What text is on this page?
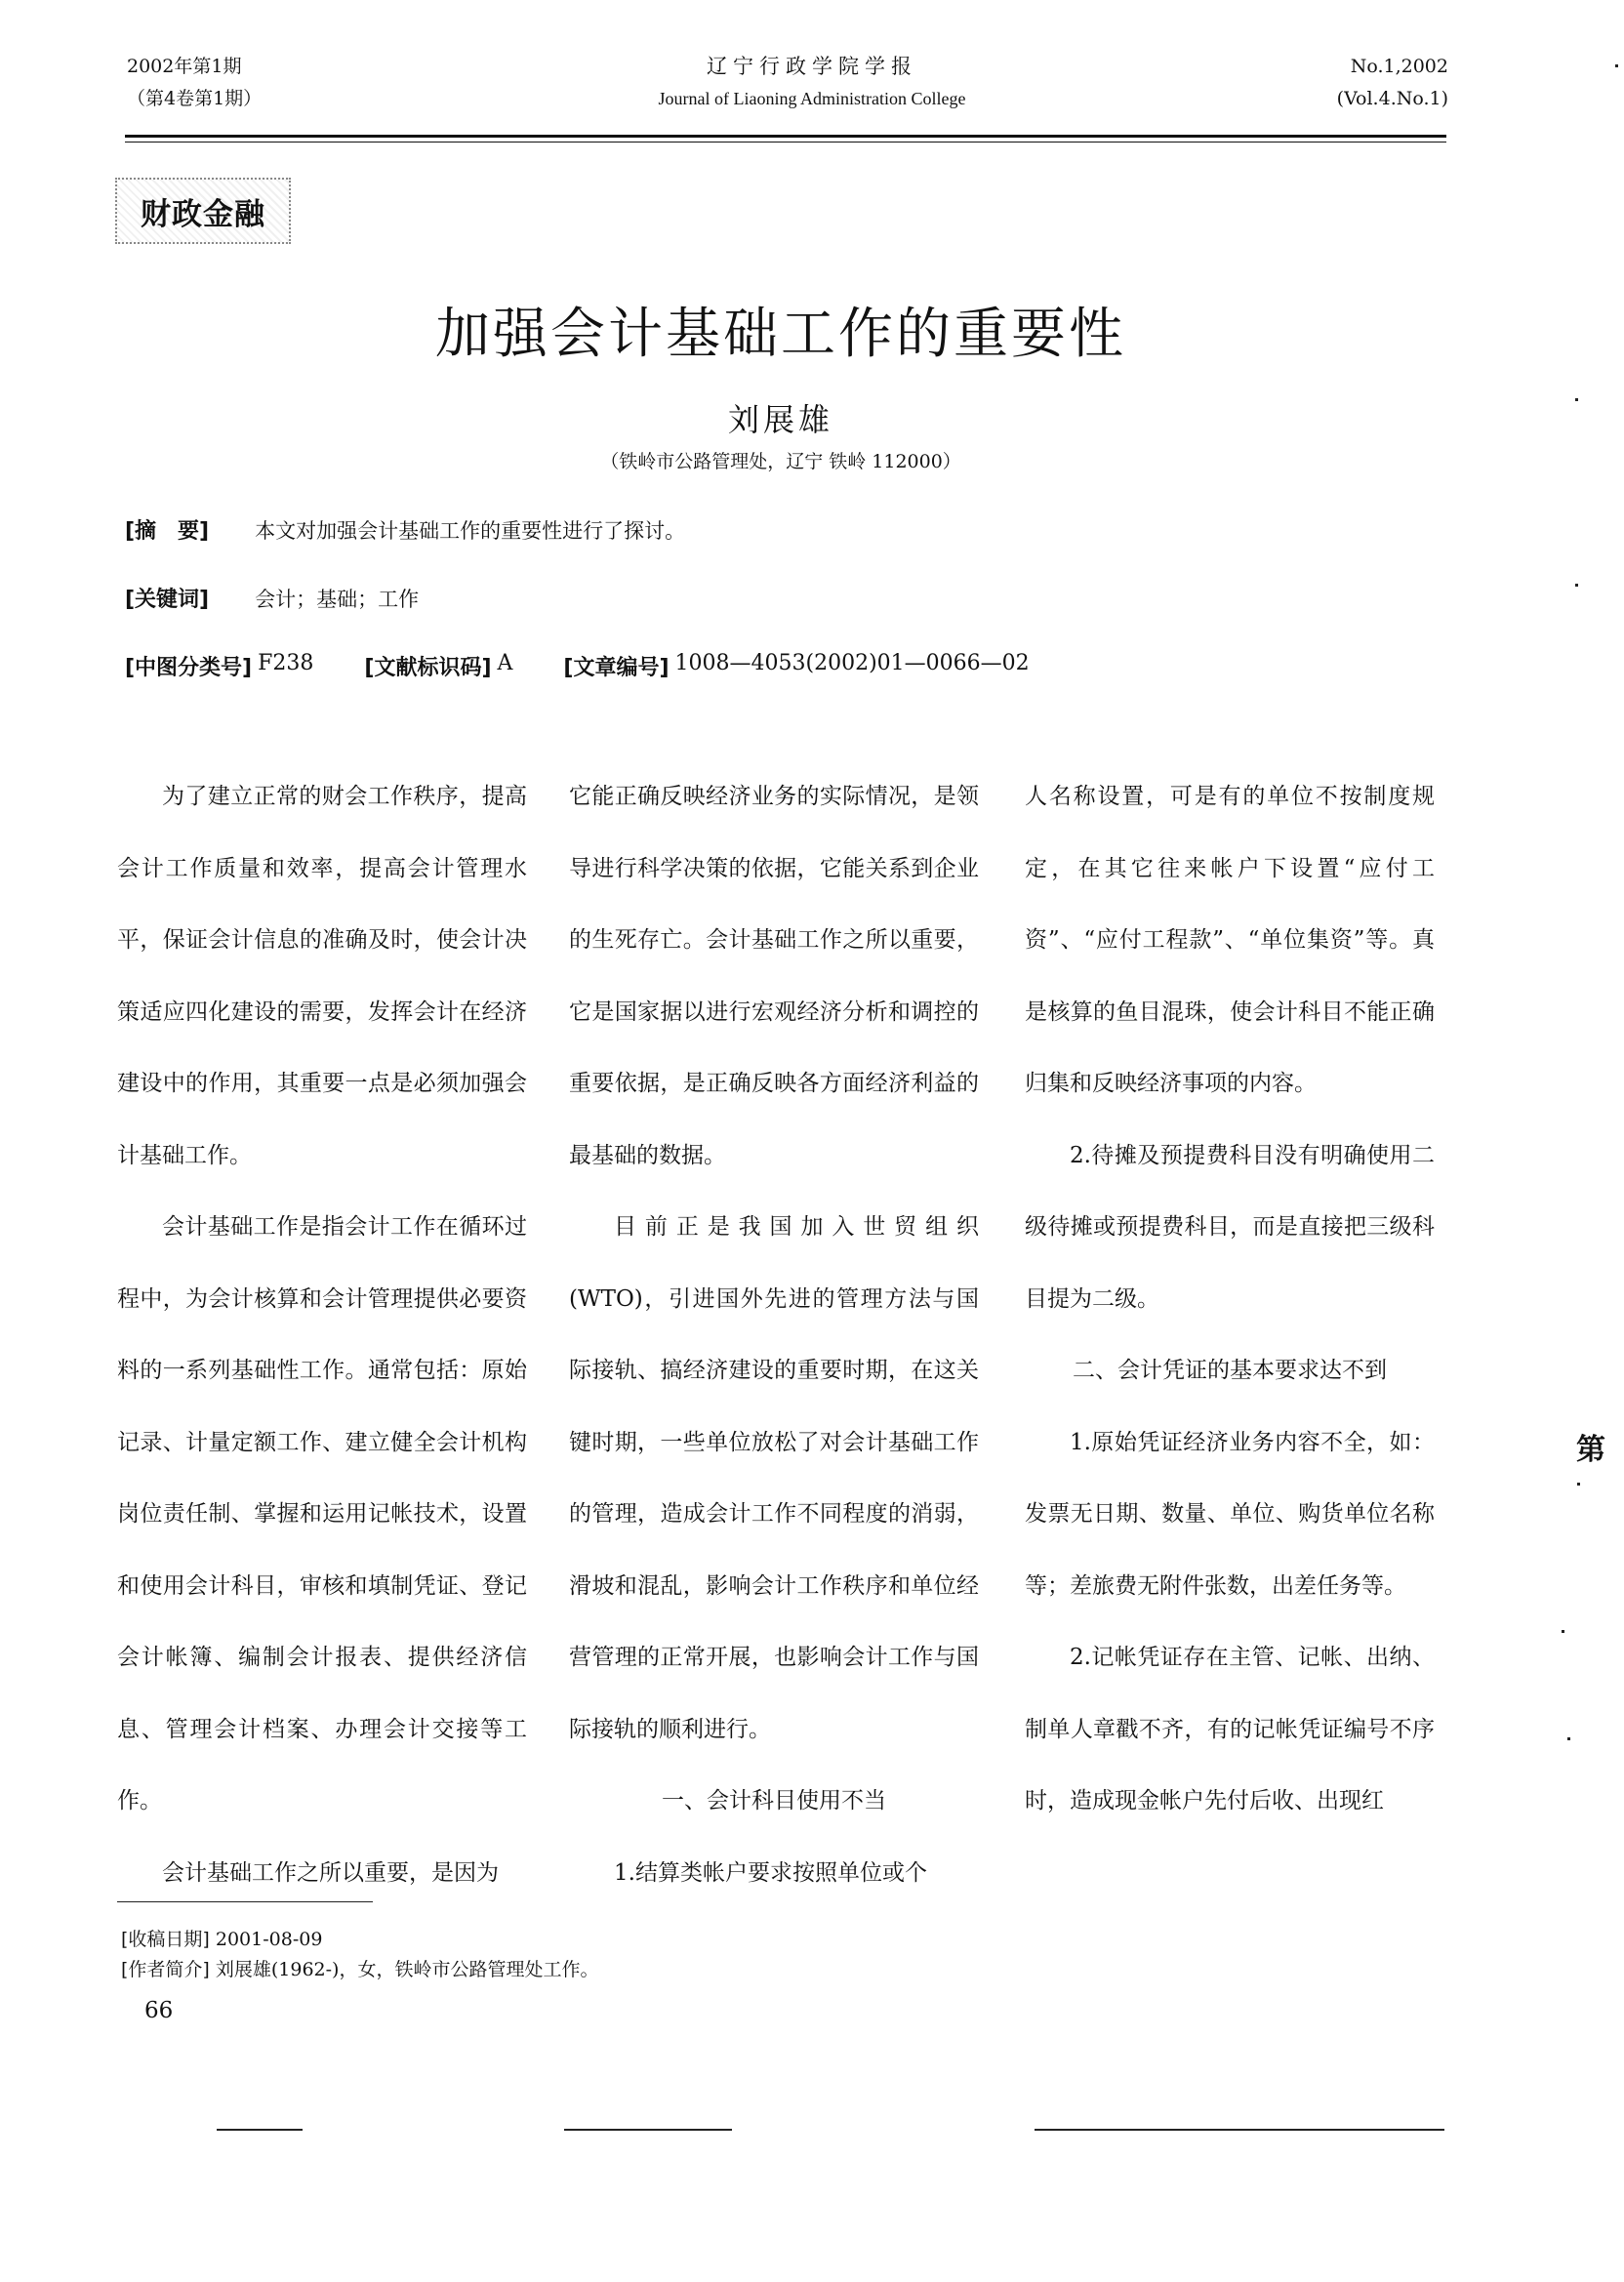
2002年第1期
（第4卷第1期）
辽宁行政学院学报
Journal of Liaoning Administration College
No.1,2002
(Vol.4.No.1)
财政金融
加强会计基础工作的重要性
刘展雄
（铁岭市公路管理处，辽宁 铁岭 112000）
[摘　要] 本文对加强会计基础工作的重要性进行了探讨。
[关键词] 会计；基础；工作
[中图分类号] F238 [文献标识码] A [文章编号] 1008—4053(2002)01—0066—02

为了建立正常的财会工作秩序，提高会计工作质量和效率，提高会计管理水平，保证会计信息的准确及时，使会计决策适应四化建设的需要，发挥会计在经济建设中的作用，其重要一点是必须加强会计基础工作。

会计基础工作是指会计工作在循环过程中，为会计核算和会计管理提供必要资料的一系列基础性工作。通常包括：原始记录、计量定额工作、建立健全会计机构岗位责任制、掌握和运用记帐技术，设置和使用会计科目，审核和填制凭证、登记会计帐簿、编制会计报表、提供经济信息、管理会计档案、办理会计交接等工作。

会计基础工作之所以重要，是因为

它能正确反映经济业务的实际情况，是领导进行科学决策的依据，它能关系到企业的生死存亡。会计基础工作之所以重要，它是国家据以进行宏观经济分析和调控的重要依据，是正确反映各方面经济利益的最基础的数据。

目前正是我国加入世贸组织(WTO)，引进国外先进的管理方法与国际接轨、搞经济建设的重要时期，在这关键时期，一些单位放松了对会计基础工作的管理，造成会计工作不同程度的消弱，滑坡和混乱，影响会计工作秩序和单位经营管理的正常开展，也影响会计工作与国际接轨的顺利进行。

一、会计科目使用不当

1.结算类帐户要求按照单位或个

人名称设置，可是有的单位不按制度规定，在其它往来帐户下设置“应付工资”、“应付工程款”、“单位集资”等。真是核算的鱼目混珠，使会计科目不能正确归集和反映经济事项的内容。

2.待摊及预提费科目没有明确使用二级待摊或预提费科目，而是直接把三级科目提为二级。

二、会计凭证的基本要求达不到

1.原始凭证经济业务内容不全，如：发票无日期、数量、单位、购货单位名称等；差旅费无附件张数，出差任务等。

2.记帐凭证存在主管、记帐、出纳、制单人章戳不齐，有的记帐凭证编号不序时，造成现金帐户先付后收、出现红

[收稿日期] 2001-08-09
[作者简介] 刘展雄(1962-)，女，铁岭市公路管理处工作。
66
第
